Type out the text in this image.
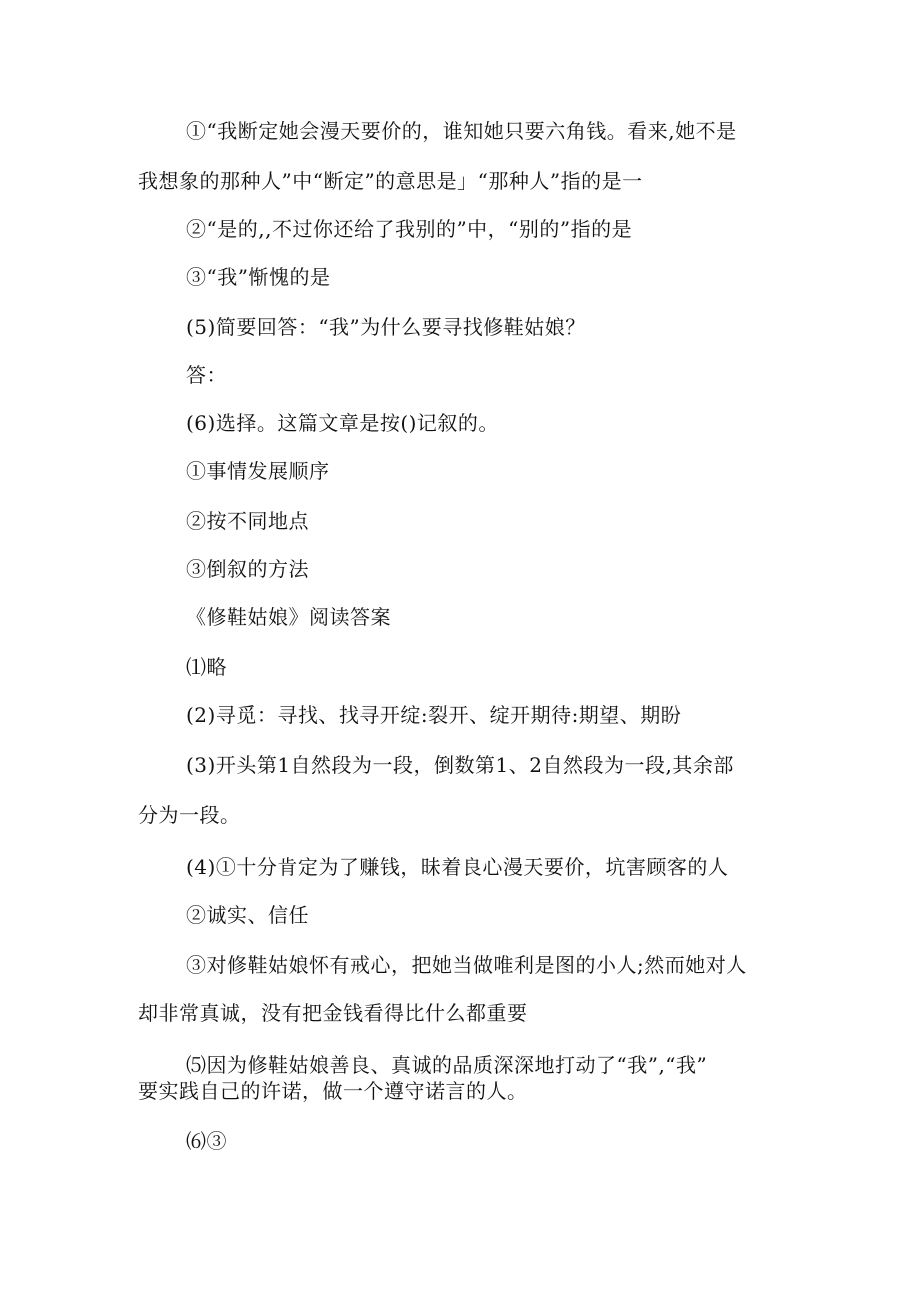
①“我断定她会漫天要价的，谁知她只要六角钱。看来,她不是
我想象的那种人”中“断定”的意思是」“那种人”指的是一
②“是的,,不过你还给了我别的”中，“别的”指的是
③“我”惭愧的是
(5)简要回答：“我”为什么要寻找修鞋姑娘？
答：
(6)选择。这篇文章是按()记叙的。
①事情发展顺序
②按不同地点
③倒叙的方法
《修鞋姑娘》阅读答案
⑴略
(2)寻觅：寻找、找寻开绽:裂开、绽开期待:期望、期盼
(3)开头第1自然段为一段，倒数第1、2自然段为一段,其余部
分为一段。
(4)①十分肯定为了赚钱，昧着良心漫天要价，坑害顾客的人
②诚实、信任
③对修鞋姑娘怀有戒心，把她当做唯利是图的小人;然而她对人
却非常真诚，没有把金钱看得比什么都重要
⑸因为修鞋姑娘善良、真诚的品质深深地打动了“我”,“我”
要实践自己的许诺，做一个遵守诺言的人。
⑹③
